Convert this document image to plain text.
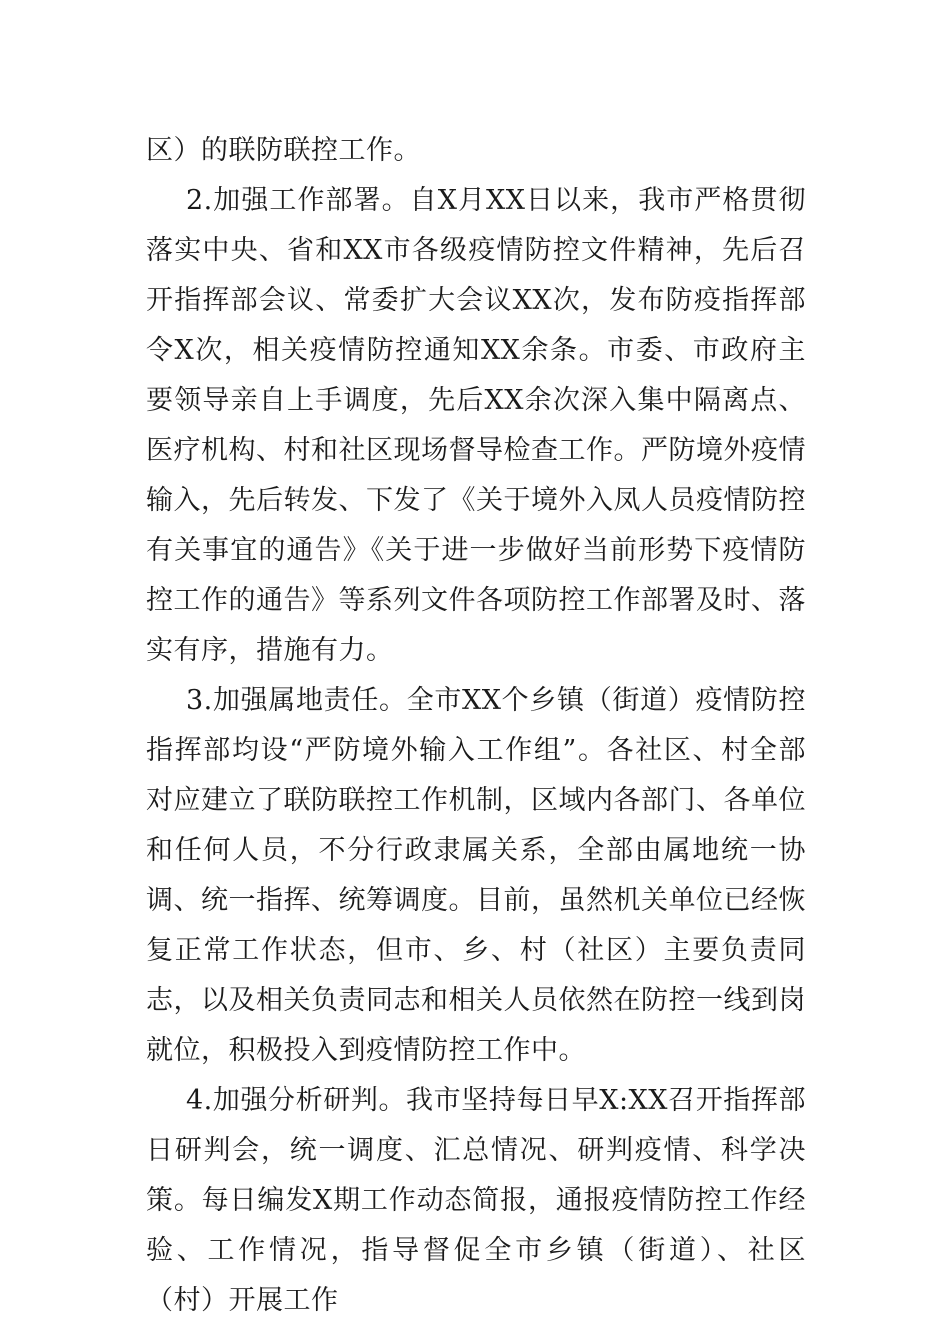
区）的联防联控工作。

2.加强工作部署。自X月XX日以来，我市严格贯彻落实中央、省和XX市各级疫情防控文件精神，先后召开指挥部会议、常委扩大会议XX次，发布防疫指挥部令X次，相关疫情防控通知XX余条。市委、市政府主要领导亲自上手调度，先后XX余次深入集中隔离点、医疗机构、村和社区现场督导检查工作。严防境外疫情输入，先后转发、下发了《关于境外入凤人员疫情防控有关事宜的通告》《关于进一步做好当前形势下疫情防控工作的通告》等系列文件各项防控工作部署及时、落实有序，措施有力。

3.加强属地责任。全市XX个乡镇（街道）疫情防控指挥部均设“严防境外输入工作组”。各社区、村全部对应建立了联防联控工作机制，区域内各部门、各单位和任何人员，不分行政隶属关系，全部由属地统一协调、统一指挥、统筹调度。目前，虽然机关单位已经恢复正常工作状态，但市、乡、村（社区）主要负责同志，以及相关负责同志和相关人员依然在防控一线到岗就位，积极投入到疫情防控工作中。

4.加强分析研判。我市坚持每日早X:XX召开指挥部日研判会，统一调度、汇总情况、研判疫情、科学决策。每日编发X期工作动态简报，通报疫情防控工作经验、工作情况，指导督促全市乡镇（街道）、社区（村）开展工作
